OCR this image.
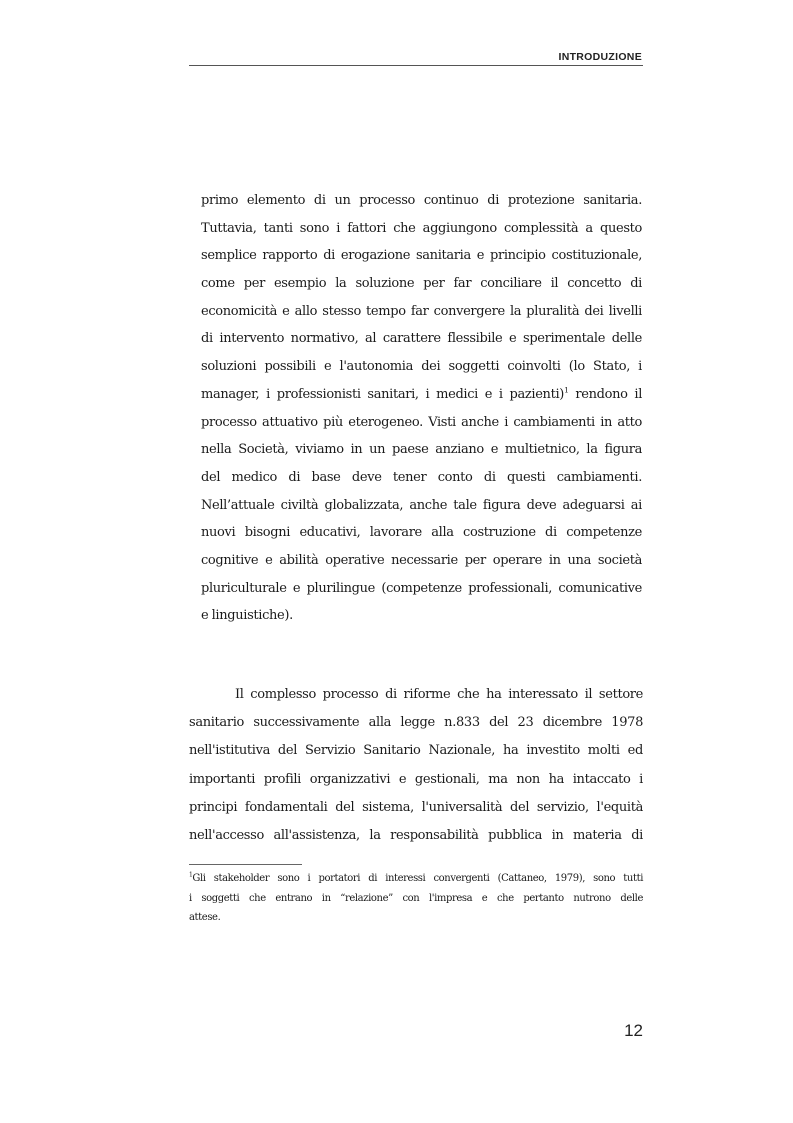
INTRODUZIONE
primo elemento di un processo continuo di protezione sanitaria.
Tuttavia, tanti sono i fattori che aggiungono complessità a questo
semplice rapporto di erogazione sanitaria e principio costituzionale,
come per esempio la soluzione per far conciliare il concetto di
economicità e allo stesso tempo far convergere la pluralità dei livelli
di intervento normativo, al carattere flessibile e sperimentale delle
soluzioni possibili e l'autonomia dei soggetti coinvolti (lo Stato, i
manager, i professionisti sanitari, i medici e i pazienti)$^1$ rendono il
processo attuativo più eterogeneo. Visti anche i cambiamenti in atto
nella Società, viviamo in un paese anziano e multietnico, la figura
del medico di base deve tener conto di questi cambiamenti.
Nell’attuale civiltà globalizzata, anche tale figura deve adeguarsi ai
nuovi bisogni educativi, lavorare alla costruzione di competenze
cognitive e abilità operative necessarie per operare in una società
pluriculturale e plurilingue (competenze professionali, comunicative
e linguistiche).
Il complesso processo di riforme che ha interessato il settore
sanitario successivamente alla legge n.833 del 23 dicembre 1978
nell'istitutiva del Servizio Sanitario Nazionale, ha investito molti ed
importanti profili organizzativi e gestionali, ma non ha intaccato i
principi fondamentali del sistema, l'universalità del servizio, l'equità
nell'accesso all'assistenza, la responsabilità pubblica in materia di
$^1$Gli stakeholder sono i portatori di interessi convergenti (Cattaneo, 1979), sono tutti
i soggetti che entrano in “relazione” con l'impresa e che pertanto nutrono delle
attese.
12
